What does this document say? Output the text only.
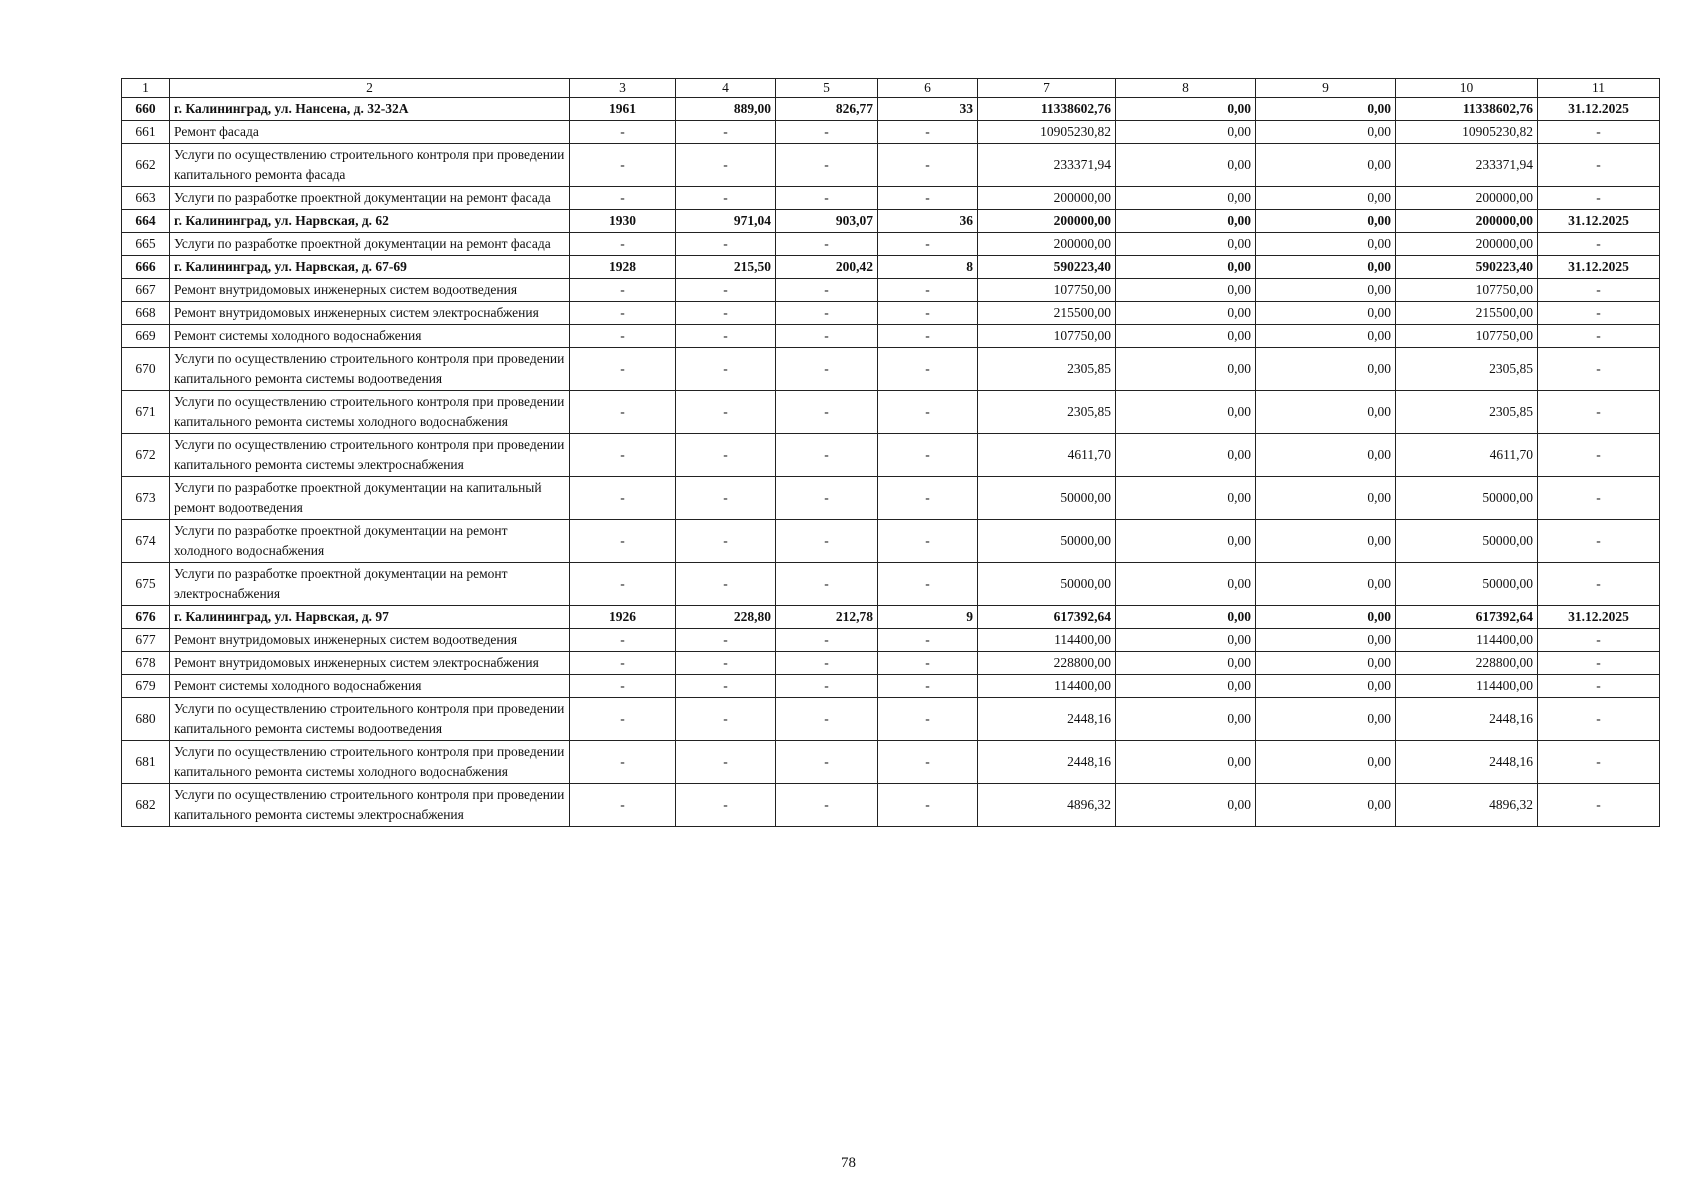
1	2	3	4	5	6	7	8	9	10	11
660	г. Калининград, ул. Нансена, д. 32-32А	1961	889,00	826,77	33	11338602,76	0,00	0,00	11338602,76	31.12.2025
661	Ремонт фасада	-	-	-	-	10905230,82	0,00	0,00	10905230,82	-
662	Услуги по осуществлению строительного контроля при проведении капитального ремонта фасада	-	-	-	-	233371,94	0,00	0,00	233371,94	-
663	Услуги по разработке проектной документации на ремонт фасада	-	-	-	-	200000,00	0,00	0,00	200000,00	-
664	г. Калининград, ул. Нарвская, д. 62	1930	971,04	903,07	36	200000,00	0,00	0,00	200000,00	31.12.2025
665	Услуги по разработке проектной документации на ремонт фасада	-	-	-	-	200000,00	0,00	0,00	200000,00	-
666	г. Калининград, ул. Нарвская, д. 67-69	1928	215,50	200,42	8	590223,40	0,00	0,00	590223,40	31.12.2025
667	Ремонт внутридомовых инженерных систем водоотведения	-	-	-	-	107750,00	0,00	0,00	107750,00	-
668	Ремонт внутридомовых инженерных систем электроснабжения	-	-	-	-	215500,00	0,00	0,00	215500,00	-
669	Ремонт системы холодного водоснабжения	-	-	-	-	107750,00	0,00	0,00	107750,00	-
670	Услуги по осуществлению строительного контроля при проведении капитального ремонта системы водоотведения	-	-	-	-	2305,85	0,00	0,00	2305,85	-
671	Услуги по осуществлению строительного контроля при проведении капитального ремонта системы холодного водоснабжения	-	-	-	-	2305,85	0,00	0,00	2305,85	-
672	Услуги по осуществлению строительного контроля при проведении капитального ремонта системы электроснабжения	-	-	-	-	4611,70	0,00	0,00	4611,70	-
673	Услуги по разработке проектной документации на капитальный ремонт водоотведения	-	-	-	-	50000,00	0,00	0,00	50000,00	-
674	Услуги по разработке проектной документации на ремонт холодного водоснабжения	-	-	-	-	50000,00	0,00	0,00	50000,00	-
675	Услуги по разработке проектной документации на ремонт электроснабжения	-	-	-	-	50000,00	0,00	0,00	50000,00	-
676	г. Калининград, ул. Нарвская, д. 97	1926	228,80	212,78	9	617392,64	0,00	0,00	617392,64	31.12.2025
677	Ремонт внутридомовых инженерных систем водоотведения	-	-	-	-	114400,00	0,00	0,00	114400,00	-
678	Ремонт внутридомовых инженерных систем электроснабжения	-	-	-	-	228800,00	0,00	0,00	228800,00	-
679	Ремонт системы холодного водоснабжения	-	-	-	-	114400,00	0,00	0,00	114400,00	-
680	Услуги по осуществлению строительного контроля при проведении капитального ремонта системы водоотведения	-	-	-	-	2448,16	0,00	0,00	2448,16	-
681	Услуги по осуществлению строительного контроля при проведении капитального ремонта системы холодного водоснабжения	-	-	-	-	2448,16	0,00	0,00	2448,16	-
682	Услуги по осуществлению строительного контроля при проведении капитального ремонта системы электроснабжения	-	-	-	-	4896,32	0,00	0,00	4896,32	-
78
